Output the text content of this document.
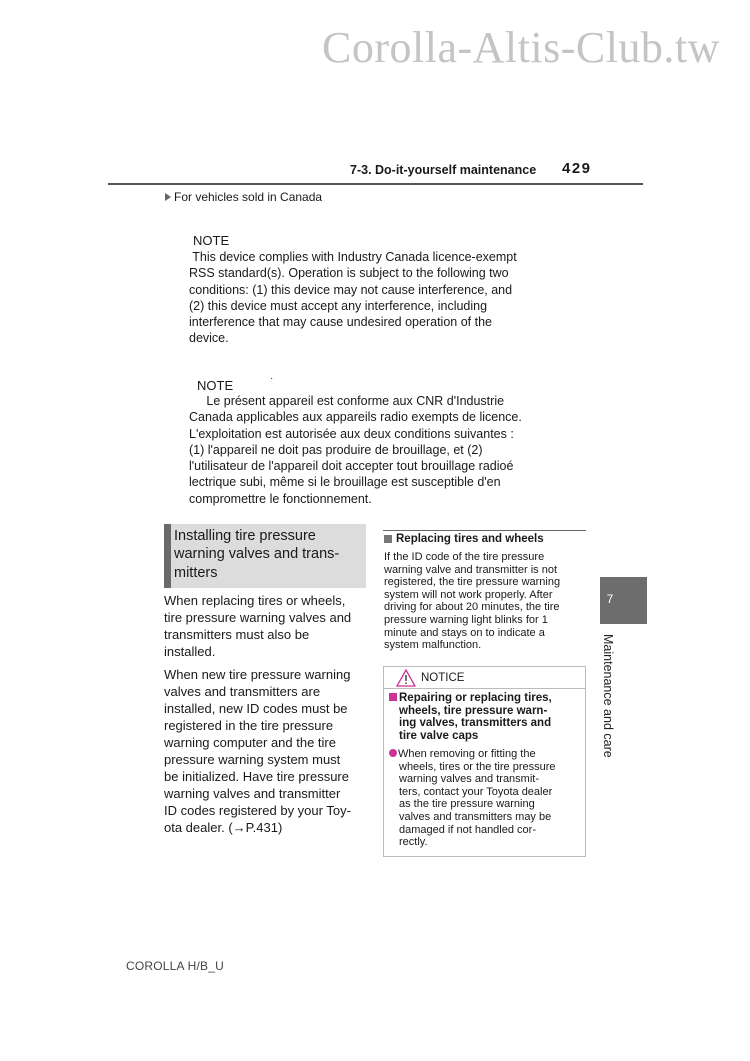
Corolla-Altis-Club.tw
7-3. Do-it-yourself maintenance 429
For vehicles sold in Canada
NOTE
This device complies with Industry Canada licence-exempt
RSS standard(s). Operation is subject to the following two
conditions: (1) this device may not cause interference, and
(2) this device must accept any interference, including
interference that may cause undesired operation of the
device.
·
NOTE
Le présent appareil est conforme aux CNR d'Industrie
Canada applicables aux appareils radio exempts de licence.
L'exploitation est autorisée aux deux conditions suivantes :
(1) l'appareil ne doit pas produire de brouillage, et (2)
l'utilisateur de l'appareil doit accepter tout brouillage radioé
lectrique subi, même si le brouillage est susceptible d'en
compromettre le fonctionnement.
Installing tire pressure
warning valves and trans-
mitters
When replacing tires or wheels,
tire pressure warning valves and
transmitters must also be
installed.
When new tire pressure warning
valves and transmitters are
installed, new ID codes must be
registered in the tire pressure
warning computer and the tire
pressure warning system must
be initialized. Have tire pressure
warning valves and transmitter
ID codes registered by your Toy-
ota dealer. (→P.431)
Replacing tires and wheels
If the ID code of the tire pressure
warning valve and transmitter is not
registered, the tire pressure warning
system will not work properly. After
driving for about 20 minutes, the tire
pressure warning light blinks for 1
minute and stays on to indicate a
system malfunction.
NOTICE
Repairing or replacing tires,
wheels, tire pressure warn-
ing valves, transmitters and
tire valve caps
When removing or fitting the
wheels, tires or the tire pressure
warning valves and transmit-
ters, contact your Toyota dealer
as the tire pressure warning
valves and transmitters may be
damaged if not handled cor-
rectly.
7
Maintenance and care
COROLLA H/B_U
